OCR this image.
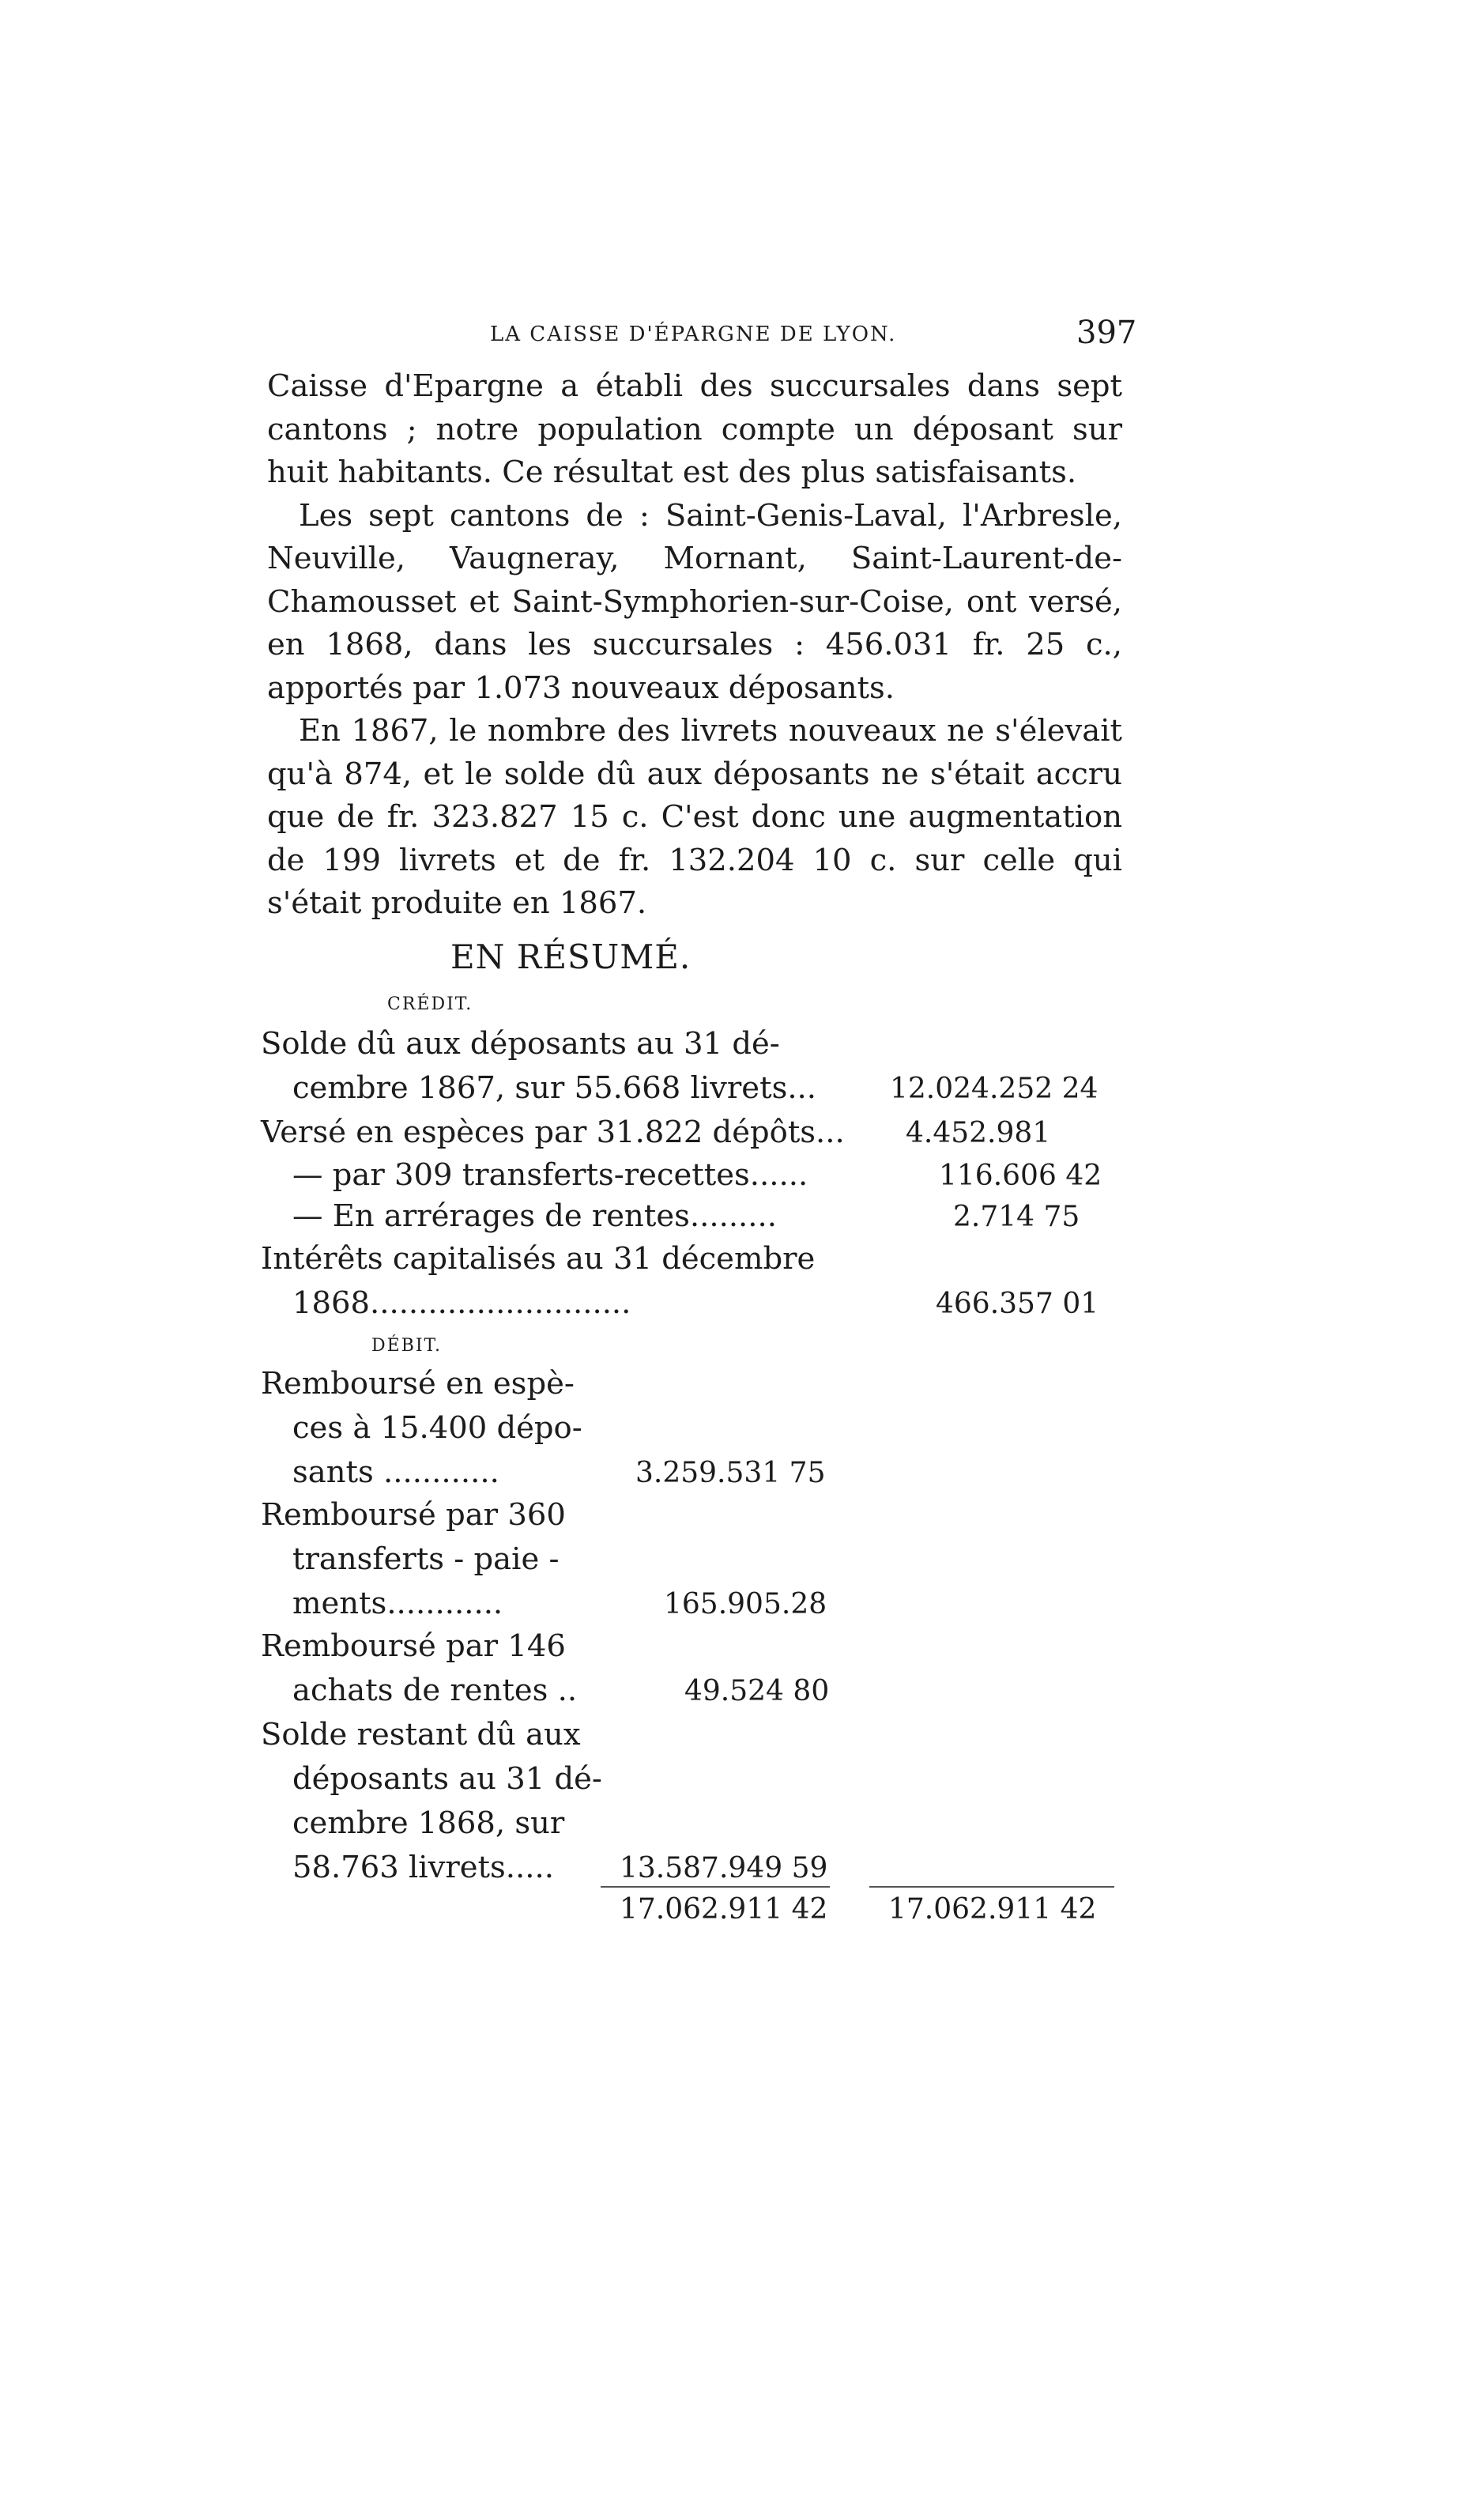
LA CAISSE D'ÉPARGNE DE LYON.	397

Caisse d'Epargne a établi des succursales dans sept cantons ; notre population compte un déposant sur huit habitants. Ce résultat est des plus satisfaisants.

Les sept cantons de : Saint-Genis-Laval, l'Arbresle, Neuville, Vaugneray, Mornant, Saint-Laurent-de-Chamousset et Saint-Symphorien-sur-Coise, ont versé, en 1868, dans les succursales : 456.031 fr. 25 c., apportés par 1.073 nouveaux déposants.

En 1867, le nombre des livrets nouveaux ne s'élevait qu'à 874, et le solde dû aux déposants ne s'était accru que de fr. 323.827 15 c. C'est donc une augmentation de 199 livrets et de fr. 132.204 10 c. sur celle qui s'était produite en 1867.

EN RÉSUMÉ.
CRÉDIT.
Solde dû aux déposants au 31 dé-
cembre 1867, sur 55.668 livrets...	12.024.252 24
Versé en espèces par 31.822 dépôts... 4.452.981
— par 309 transferts-recettes......	116.606 42
— En arrérages de rentes.........	2.714 75
Intérêts capitalisés au 31 décembre
1868...........................	466.357 01
DÉBIT.
Remboursé en espè-
ces à 15.400 dépo-
sants ............	3.259.531 75
Remboursé par 360
transferts - paie -
ments............	165.905.28
Remboursé par 146
achats de rentes ..	49.524 80
Solde restant dû aux
déposants au 31 dé-
cembre 1868, sur
58.763 livrets..... 13.587.949 59
17.062.911 42 17.062.911 42
